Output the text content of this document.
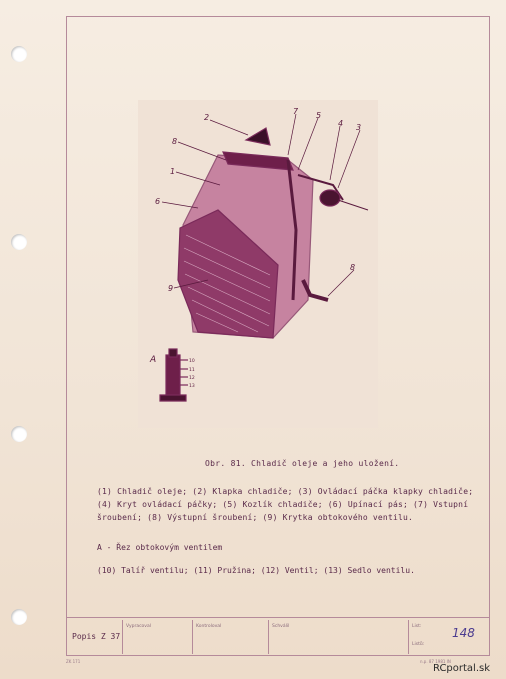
2
7 5
4 3
8
1
6
8
9
A	10
11
12
13
Obr. 81. Chladič oleje a jeho uložení.

(1) Chladič oleje; (2) Klapka chladiče; (3) Ovládací páčka klapky chladiče;

(4) Kryt ovládací páčky; (5) Kozlík chladiče; (6) Upínací pás; (7) Vstupní

šroubení; (8) Výstupní šroubení; (9) Krytka obtokového ventilu.

A - Řez obtokovým ventilem
(10) Talíř ventilu; (11) Pružina; (12) Ventil; (13) Sedlo ventilu.
Popis Z 37
Vypracoval	Kontroloval	Schválil	List:
Listů:
148
ZK 171	n.p. 87 1981 IN
RCportal.sk
